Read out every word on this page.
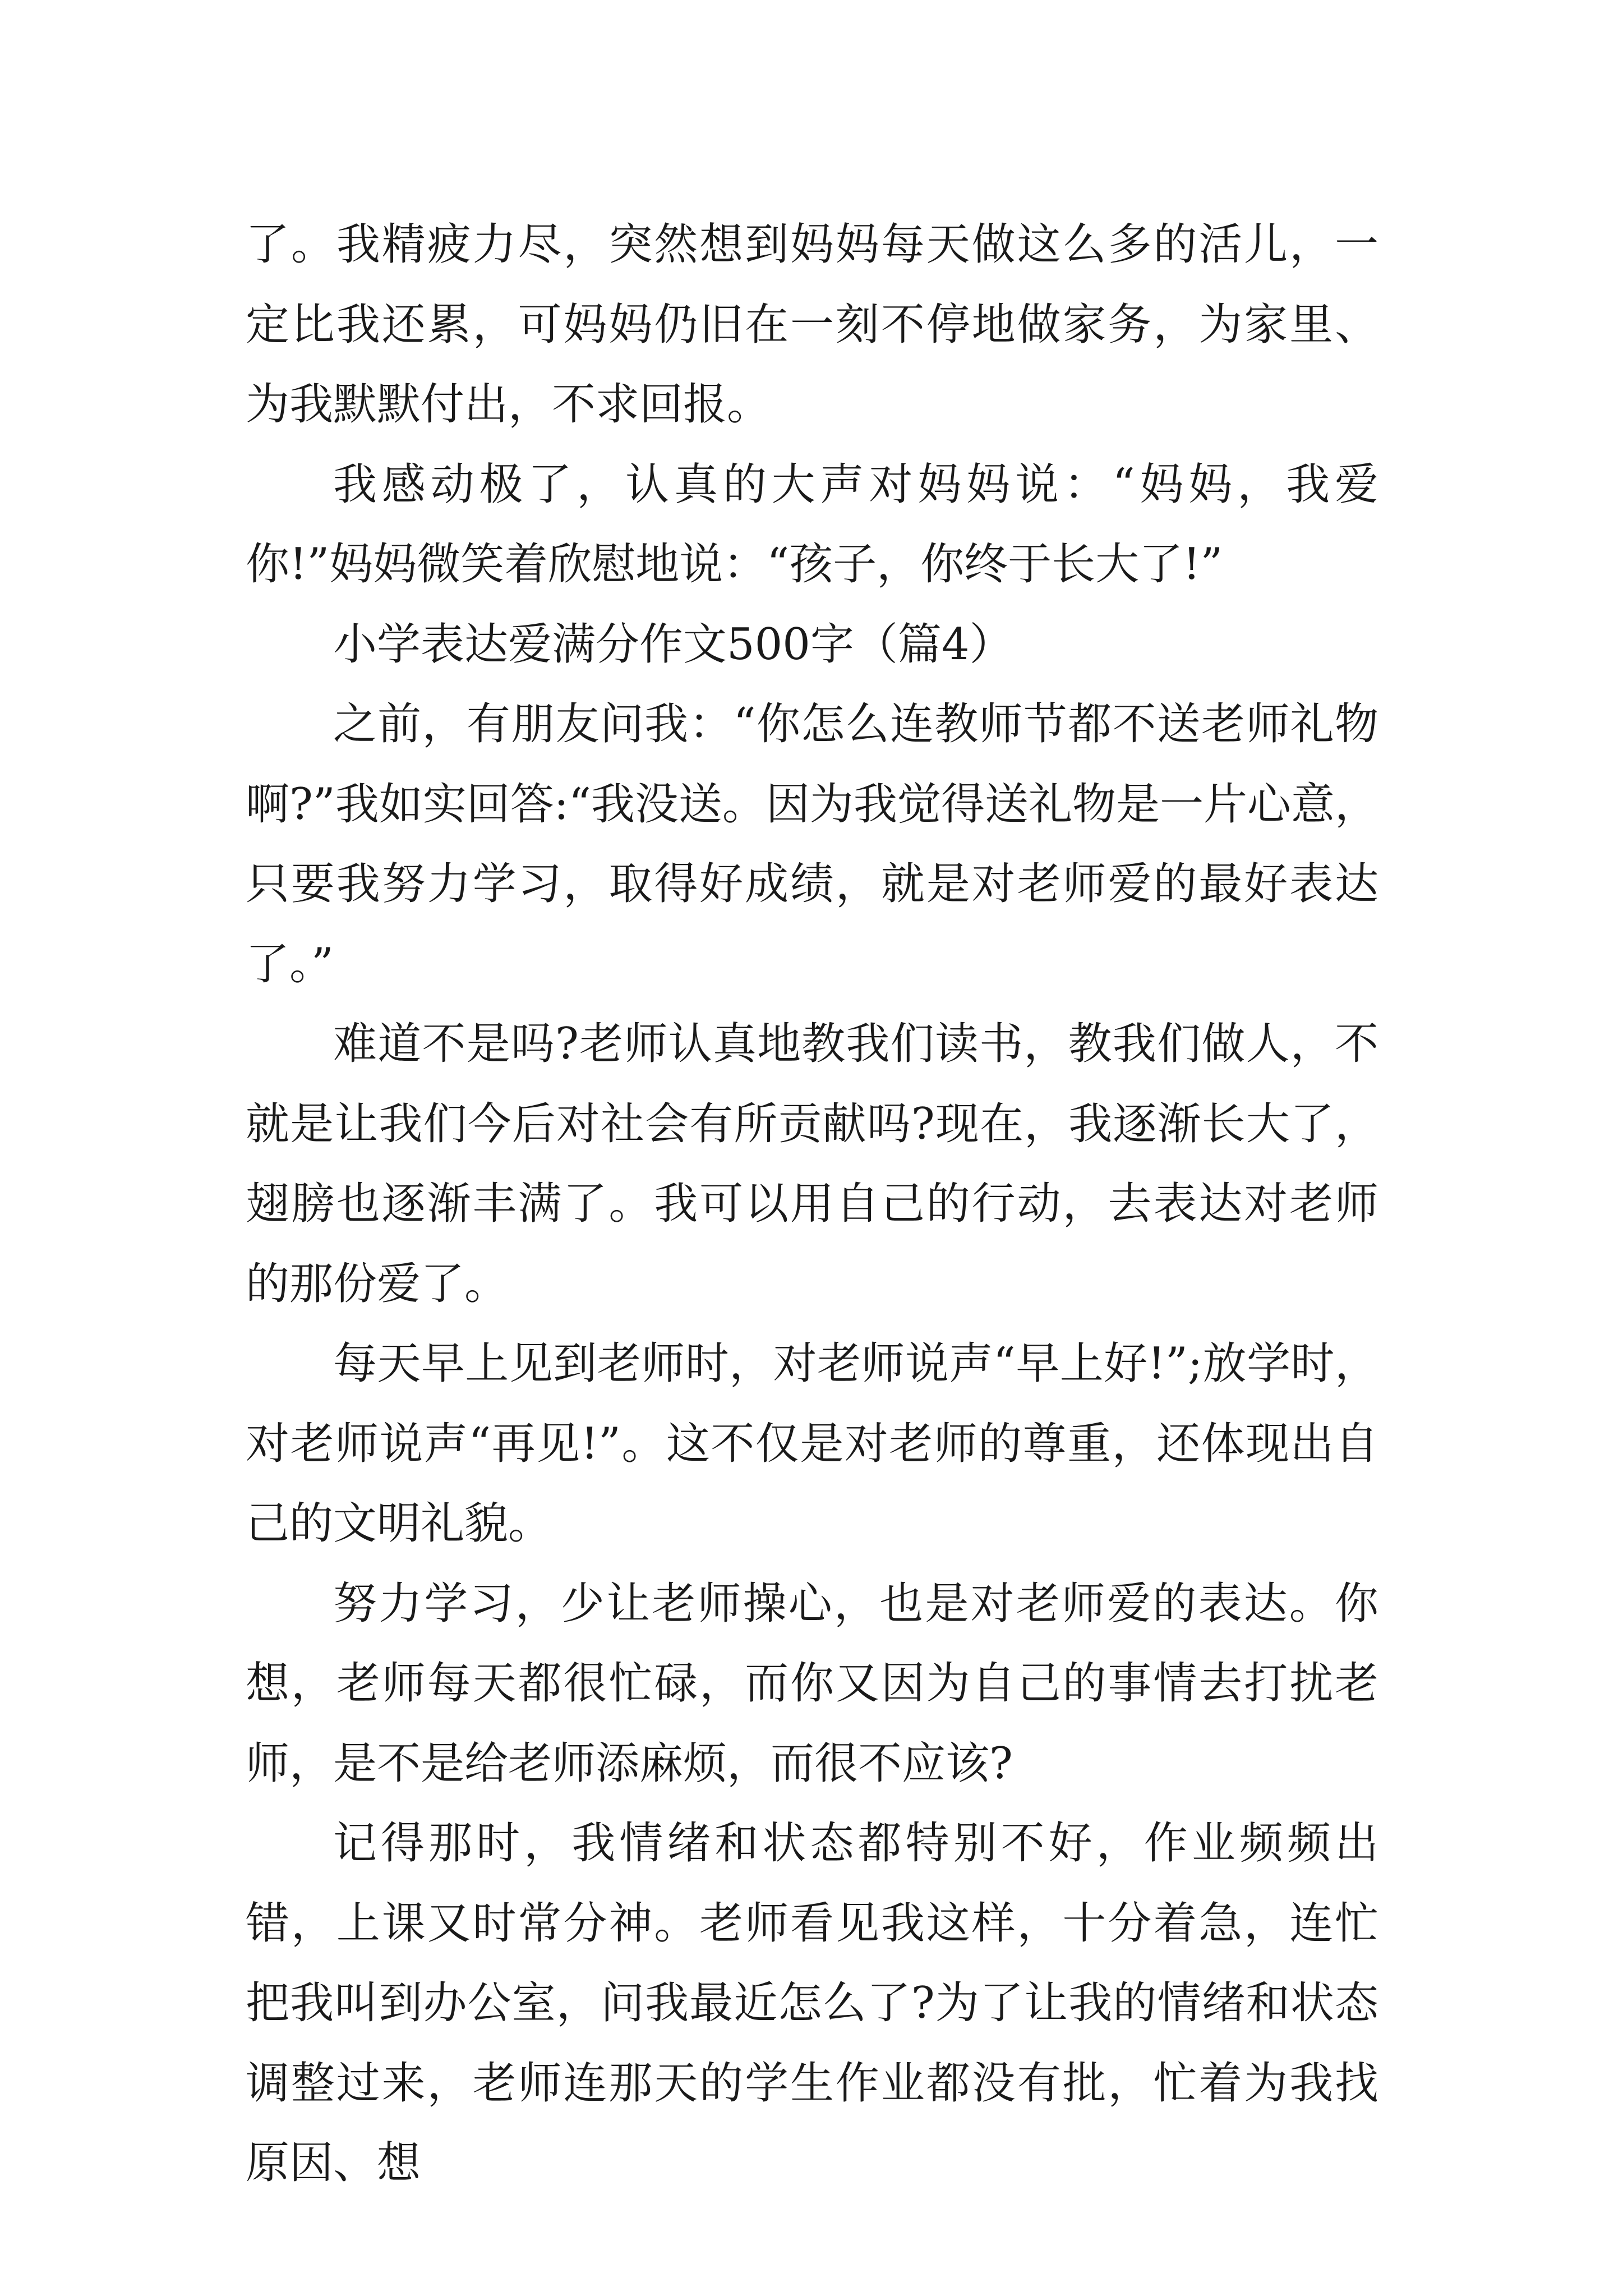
了。我精疲力尽，突然想到妈妈每天做这么多的活儿，一定比我还累，可妈妈仍旧在一刻不停地做家务，为家里、为我默默付出，不求回报。

我感动极了，认真的大声对妈妈说：“妈妈，我爱你!”妈妈微笑着欣慰地说：“孩子，你终于长大了!”

小学表达爱满分作文500字（篇4）

之前，有朋友问我：“你怎么连教师节都不送老师礼物啊?”我如实回答:“我没送。因为我觉得送礼物是一片心意，只要我努力学习，取得好成绩，就是对老师爱的最好表达了。”

难道不是吗?老师认真地教我们读书，教我们做人，不就是让我们今后对社会有所贡献吗?现在，我逐渐长大了，翅膀也逐渐丰满了。我可以用自己的行动，去表达对老师的那份爱了。

每天早上见到老师时，对老师说声“早上好!”;放学时，对老师说声“再见!”。这不仅是对老师的尊重，还体现出自己的文明礼貌。

努力学习，少让老师操心，也是对老师爱的表达。你想，老师每天都很忙碌，而你又因为自己的事情去打扰老师，是不是给老师添麻烦，而很不应该?

记得那时，我情绪和状态都特别不好，作业频频出错，上课又时常分神。老师看见我这样，十分着急，连忙把我叫到办公室，问我最近怎么了?为了让我的情绪和状态调整过来，老师连那天的学生作业都没有批，忙着为我找原因、想
